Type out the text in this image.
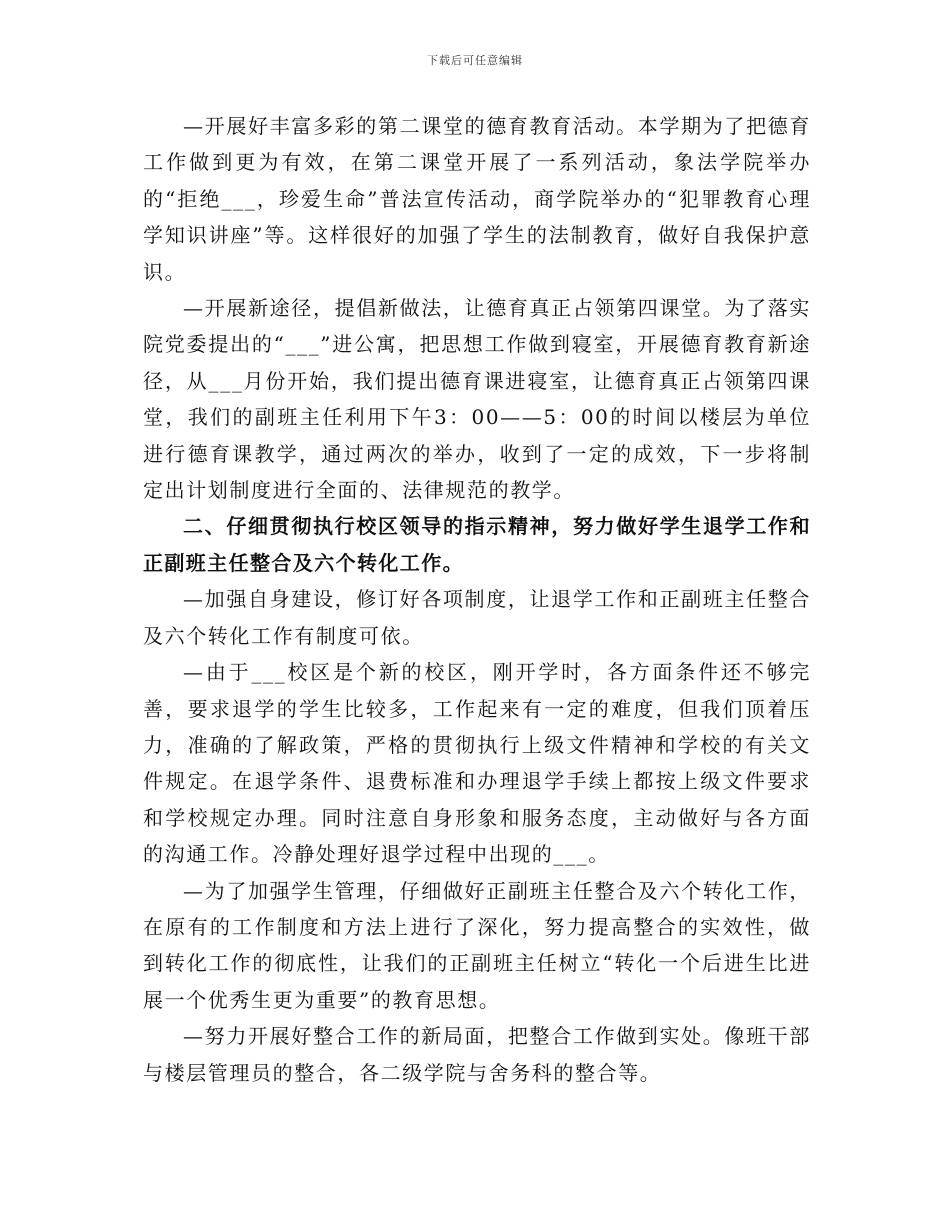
下载后可任意编辑

—开展好丰富多彩的第二课堂的德育教育活动。本学期为了把德育工作做到更为有效，在第二课堂开展了一系列活动，象法学院举办的“拒绝___，珍爱生命”普法宣传活动，商学院举办的“犯罪教育心理学知识讲座”等。这样很好的加强了学生的法制教育，做好自我保护意识。

—开展新途径，提倡新做法，让德育真正占领第四课堂。为了落实院党委提出的“___”进公寓，把思想工作做到寝室，开展德育教育新途径，从___月份开始，我们提出德育课进寝室，让德育真正占领第四课堂，我们的副班主任利用下午3：00——5：00的时间以楼层为单位进行德育课教学，通过两次的举办，收到了一定的成效，下一步将制定出计划制度进行全面的、法律规范的教学。

二、仔细贯彻执行校区领导的指示精神，努力做好学生退学工作和正副班主任整合及六个转化工作。

—加强自身建设，修订好各项制度，让退学工作和正副班主任整合及六个转化工作有制度可依。

—由于___校区是个新的校区，刚开学时，各方面条件还不够完善，要求退学的学生比较多，工作起来有一定的难度，但我们顶着压力，准确的了解政策，严格的贯彻执行上级文件精神和学校的有关文件规定。在退学条件、退费标准和办理退学手续上都按上级文件要求和学校规定办理。同时注意自身形象和服务态度，主动做好与各方面的沟通工作。冷静处理好退学过程中出现的___。

—为了加强学生管理，仔细做好正副班主任整合及六个转化工作，在原有的工作制度和方法上进行了深化，努力提高整合的实效性，做到转化工作的彻底性，让我们的正副班主任树立“转化一个后进生比进展一个优秀生更为重要”的教育思想。

—努力开展好整合工作的新局面，把整合工作做到实处。像班干部与楼层管理员的整合，各二级学院与舍务科的整合等。
